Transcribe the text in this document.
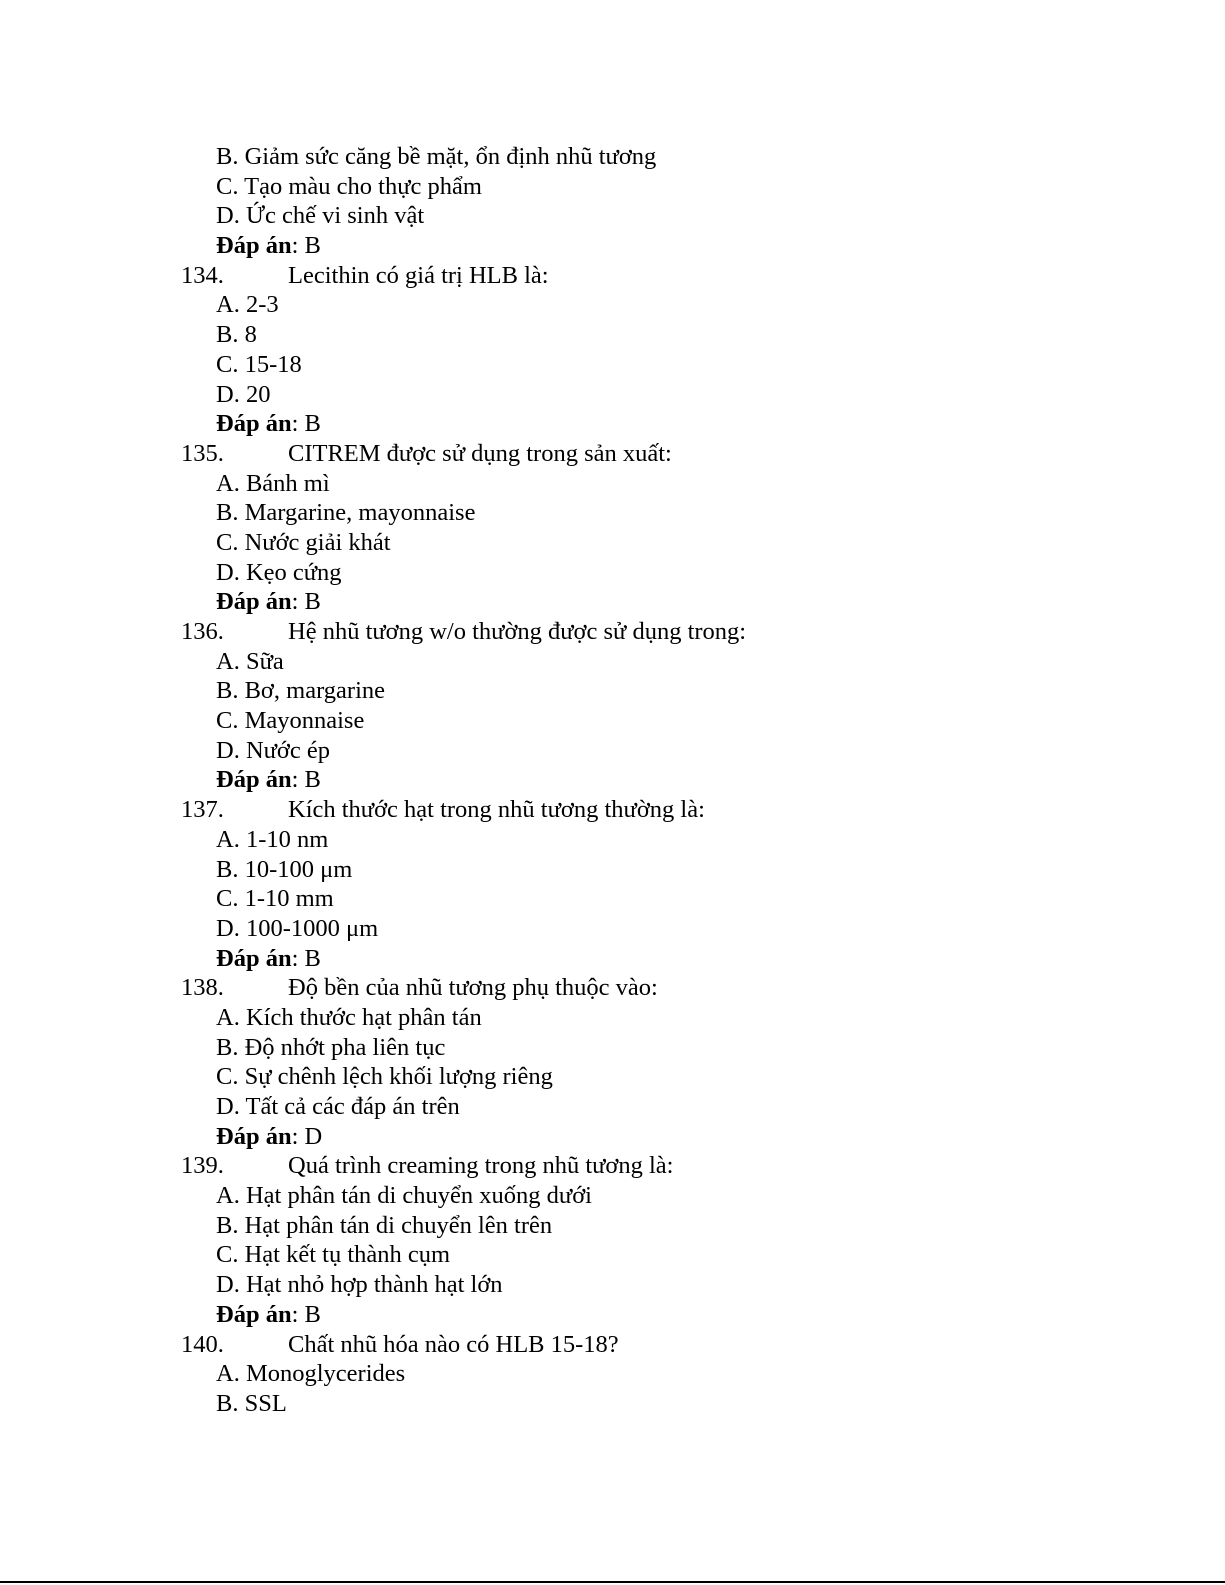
B. Giảm sức căng bề mặt, ổn định nhũ tương
C. Tạo màu cho thực phẩm
D. Ức chế vi sinh vật
Đáp án: B
134.	Lecithin có giá trị HLB là:
A. 2-3
B. 8
C. 15-18
D. 20
Đáp án: B
135.	CITREM được sử dụng trong sản xuất:
A. Bánh mì
B. Margarine, mayonnaise
C. Nước giải khát
D. Kẹo cứng
Đáp án: B
136.	Hệ nhũ tương w/o thường được sử dụng trong:
A. Sữa
B. Bơ, margarine
C. Mayonnaise
D. Nước ép
Đáp án: B
137.	Kích thước hạt trong nhũ tương thường là:
A. 1-10 nm
B. 10-100 μm
C. 1-10 mm
D. 100-1000 μm
Đáp án: B
138.	Độ bền của nhũ tương phụ thuộc vào:
A. Kích thước hạt phân tán
B. Độ nhớt pha liên tục
C. Sự chênh lệch khối lượng riêng
D. Tất cả các đáp án trên
Đáp án: D
139.	Quá trình creaming trong nhũ tương là:
A. Hạt phân tán di chuyển xuống dưới
B. Hạt phân tán di chuyển lên trên
C. Hạt kết tụ thành cụm
D. Hạt nhỏ hợp thành hạt lớn
Đáp án: B
140.	Chất nhũ hóa nào có HLB 15-18?
A. Monoglycerides
B. SSL
